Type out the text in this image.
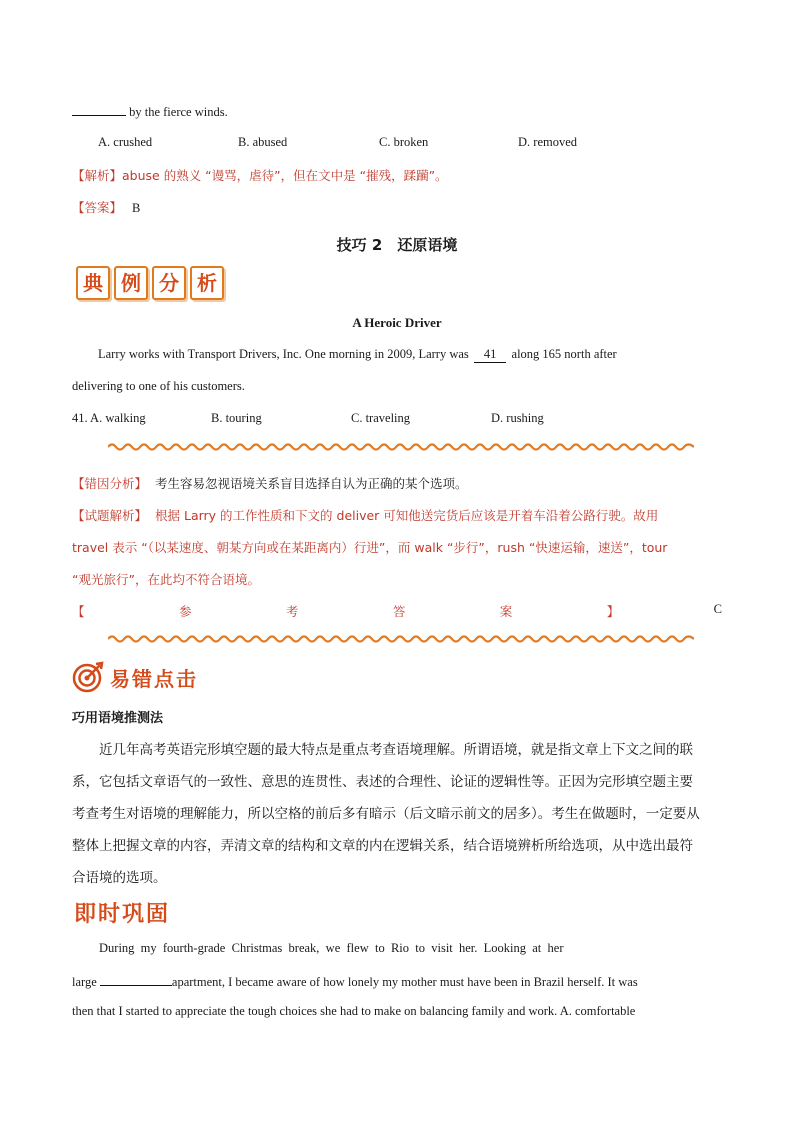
by the fierce winds.
A. crushed	B. abused	C. broken	D. removed
【解析】abuse 的熟义 “谩骂，虐待”，但在文中是 “摧残，蹂躏”。
【答案】 B
技巧 2　还原语境
典 例 分 析
A Heroic Driver
Larry works with Transport Drivers, Inc. One morning in 2009, Larry was 41 along 165 north after
delivering to one of his customers.
41. A. walking	B. touring	C. traveling	D. rushing
【错因分析】 考生容易忽视语境关系盲目选择自认为正确的某个选项。
【试题解析】 根据 Larry 的工作性质和下文的 deliver 可知他送完货后应该是开着车沿着公路行驶。故用
travel 表示 “（以某速度、朝某方向或在某距离内）行进”，而 walk “步行”，rush “快速运输，速送”，tour
“观光旅行”，在此均不符合语境。
【	参	考	答	案	】	C
易错点击
巧用语境推测法
近几年高考英语完形填空题的最大特点是重点考查语境理解。所谓语境，就是指文章上下文之间的联
系，它包括文章语气的一致性、意思的连贯性、表述的合理性、论证的逻辑性等。正因为完形填空题主要
考查考生对语境的理解能力，所以空格的前后多有暗示（后文暗示前文的居多）。考生在做题时，一定要从
整体上把握文章的内容，弄清文章的结构和文章的内在逻辑关系，结合语境辨析所给选项，从中选出最符
合语境的选项。
即时巩固
During  my  fourth-grade  Christmas  break,  we  flew  to  Rio  to  visit  her.  Looking  at  her
large	apartment, I became aware of how lonely my mother must have been in Brazil herself. It was
then that I started to appreciate the tough choices she had to make on balancing family and work. A. comfortable
